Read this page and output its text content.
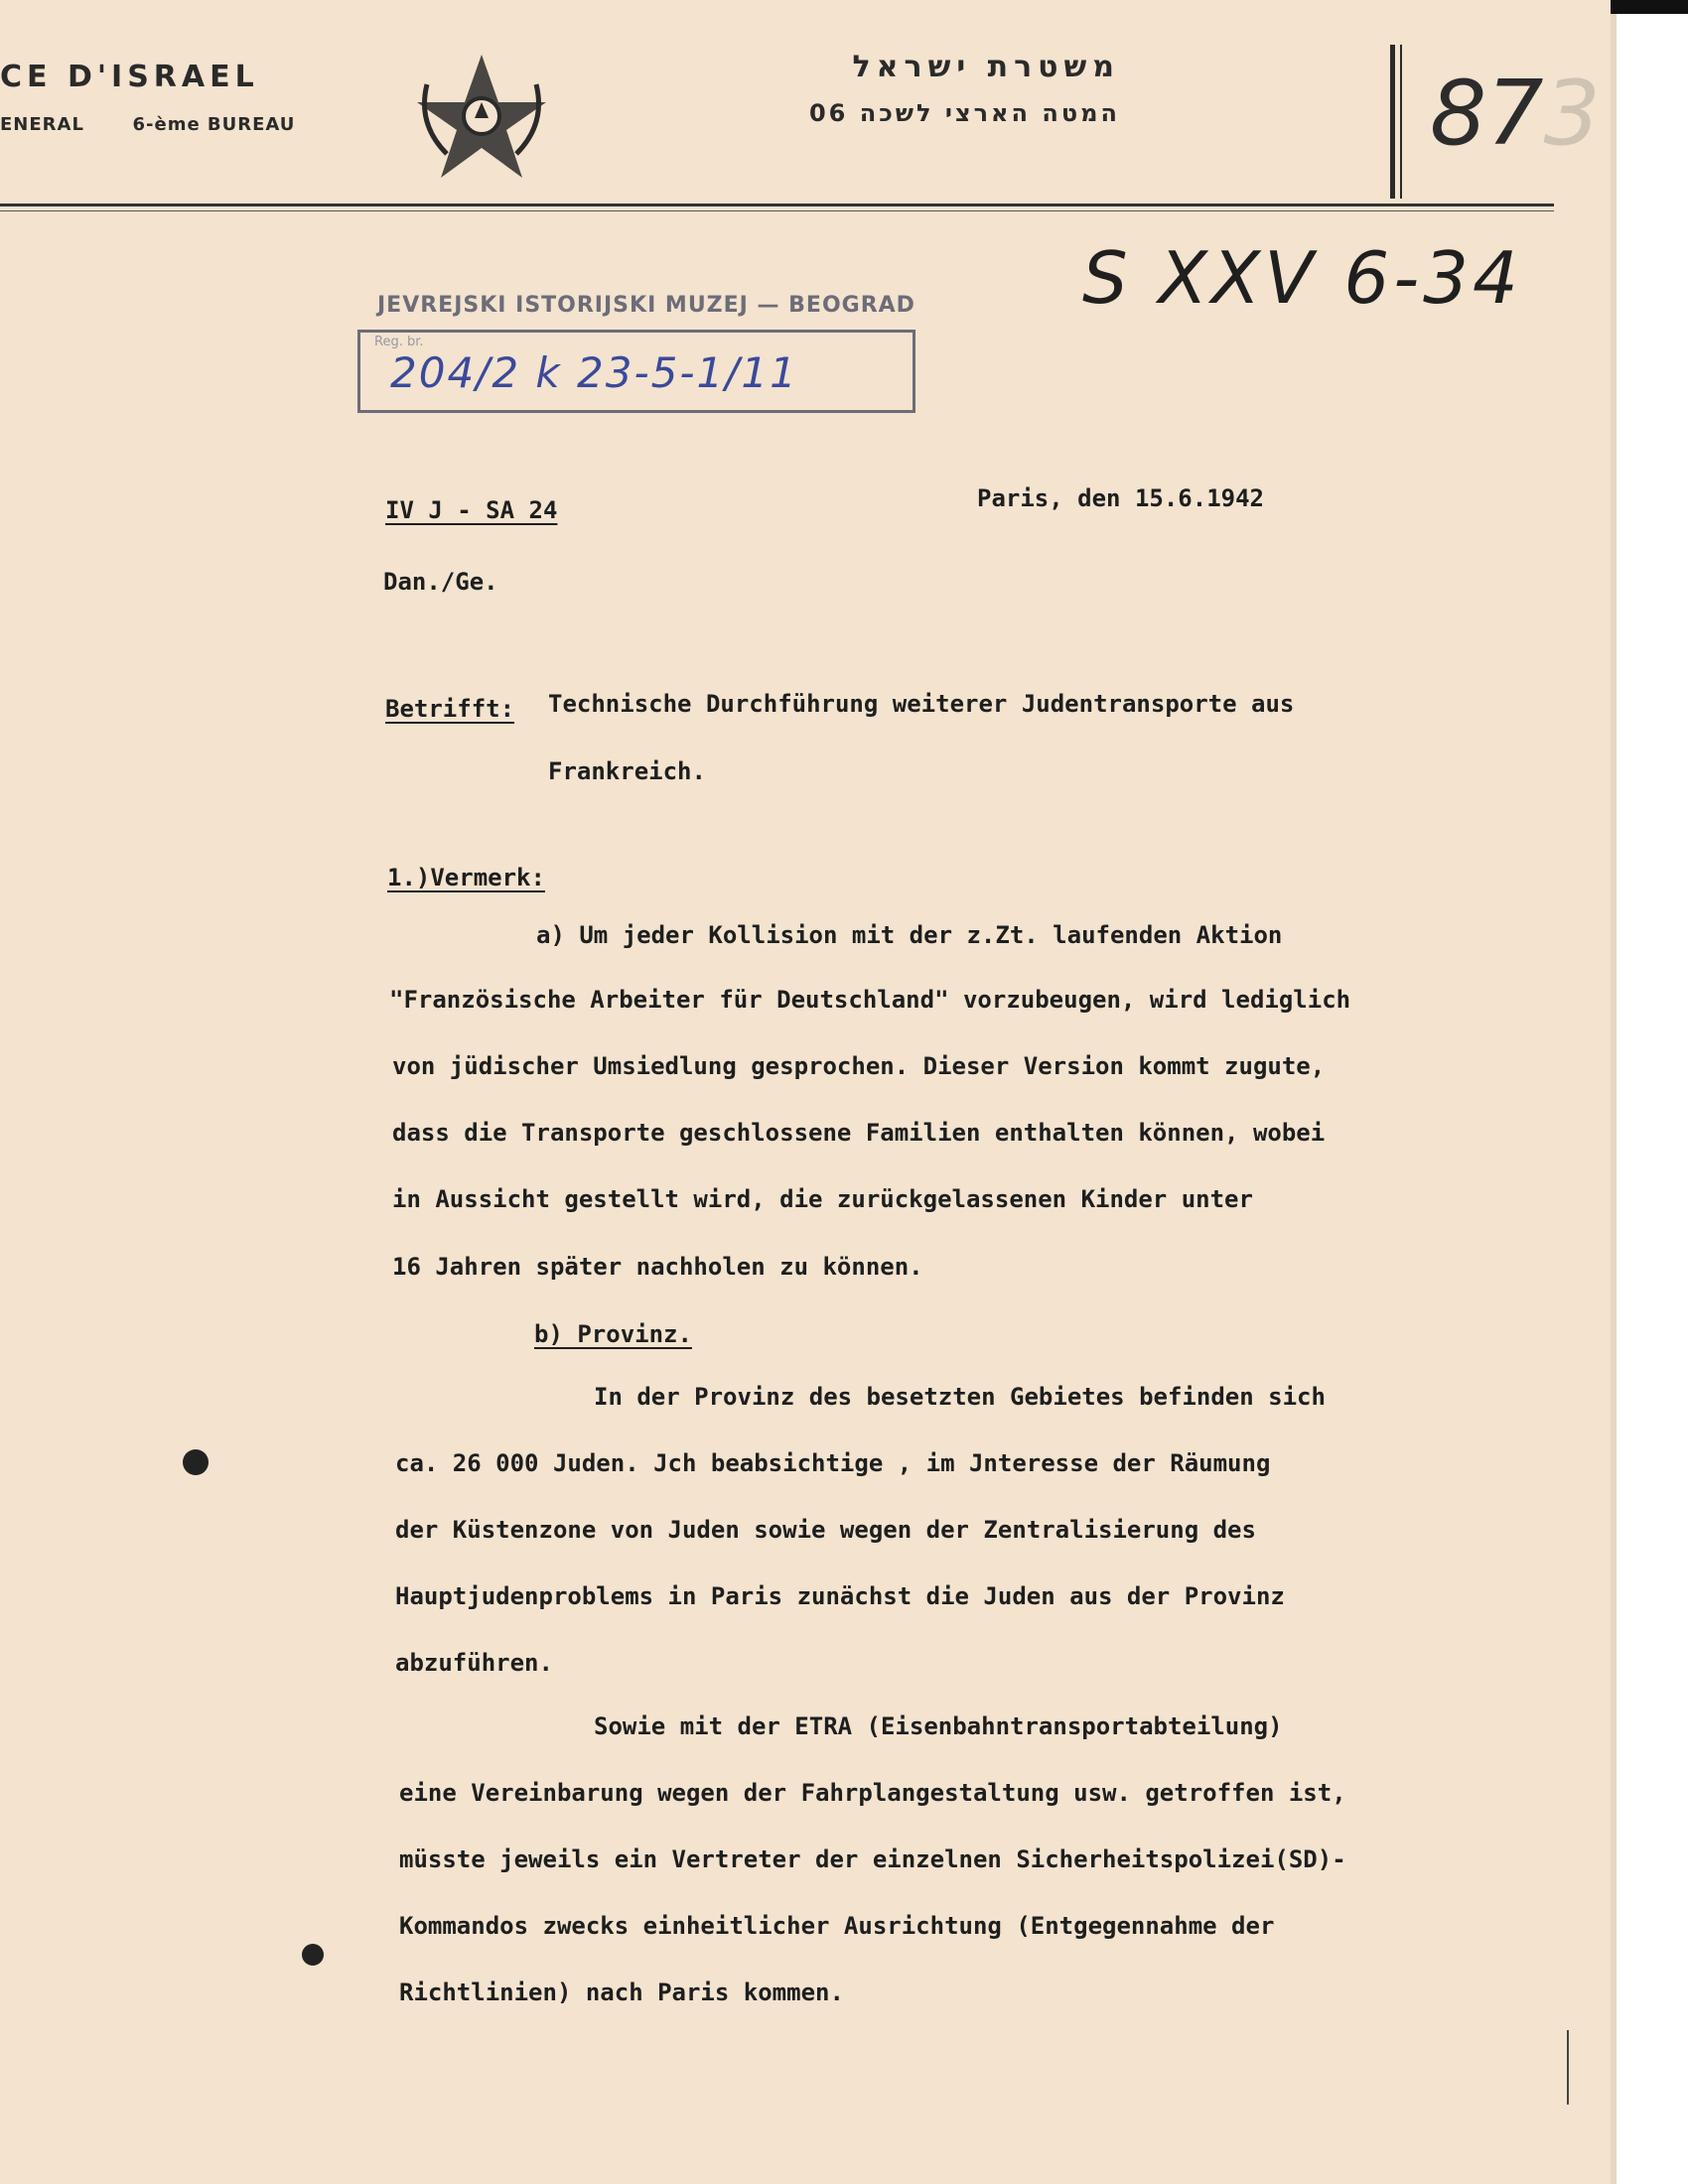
CE D'ISRAEL
ENERAL	6-ème BUREAU
משטרת ישראל
המטה הארצי לשכה 06	873
S XXV 6-34
JEVREJSKI ISTORIJSKI MUZEJ — BEOGRAD
Reg. br.
204/2 k 23-5-1/11
IV J - SA 24	Paris, den 15.6.1942
Dan./Ge.
Betrifft: Technische Durchführung weiterer Judentransporte aus
Frankreich.
1.)Vermerk:
a) Um jeder Kollision mit der z.Zt. laufenden Aktion
"Französische Arbeiter für Deutschland" vorzubeugen, wird lediglich
von jüdischer Umsiedlung gesprochen. Dieser Version kommt zugute,
dass die Transporte geschlossene Familien enthalten können, wobei
in Aussicht gestellt wird, die zurückgelassenen Kinder unter
16 Jahren später nachholen zu können.
b) Provinz.
In der Provinz des besetzten Gebietes befinden sich
ca. 26 000 Juden. Jch beabsichtige , im Jnteresse der Räumung
der Küstenzone von Juden sowie wegen der Zentralisierung des
Hauptjudenproblems in Paris zunächst die Juden aus der Provinz
abzuführen.
Sowie mit der ETRA (Eisenbahntransportabteilung)
eine Vereinbarung wegen der Fahrplangestaltung usw. getroffen ist,
müsste jeweils ein Vertreter der einzelnen Sicherheitspolizei(SD)-
Kommandos zwecks einheitlicher Ausrichtung (Entgegennahme der
Richtlinien) nach Paris kommen.
